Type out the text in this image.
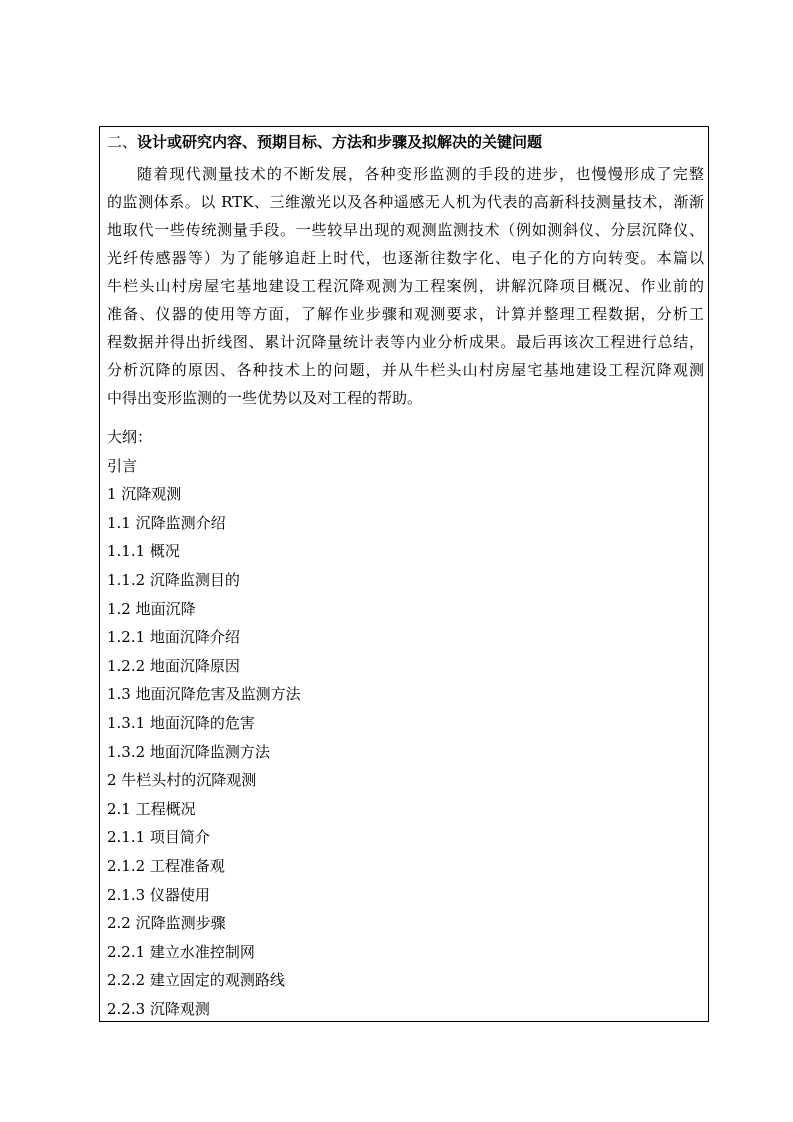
二、设计或研究内容、预期目标、方法和步骤及拟解决的关键问题
随着现代测量技术的不断发展，各种变形监测的手段的进步，也慢慢形成了完整
的监测体系。以 RTK、三维激光以及各种遥感无人机为代表的高新科技测量技术，渐渐
地取代一些传统测量手段。一些较早出现的观测监测技术（例如测斜仪、分层沉降仪、
光纤传感器等）为了能够追赶上时代，也逐渐往数字化、电子化的方向转变。本篇以
牛栏头山村房屋宅基地建设工程沉降观测为工程案例，讲解沉降项目概况、作业前的
准备、仪器的使用等方面，了解作业步骤和观测要求，计算并整理工程数据，分析工
程数据并得出折线图、累计沉降量统计表等内业分析成果。最后再该次工程进行总结，
分析沉降的原因、各种技术上的问题，并从牛栏头山村房屋宅基地建设工程沉降观测
中得出变形监测的一些优势以及对工程的帮助。
大纲：
引言
1 沉降观测
1.1 沉降监测介绍
1.1.1 概况
1.1.2 沉降监测目的
1.2 地面沉降
1.2.1 地面沉降介绍
1.2.2 地面沉降原因
1.3 地面沉降危害及监测方法
1.3.1 地面沉降的危害
1.3.2 地面沉降监测方法
2 牛栏头村的沉降观测
2.1 工程概况
2.1.1 项目简介
2.1.2 工程准备观
2.1.3 仪器使用
2.2 沉降监测步骤
2.2.1 建立水准控制网
2.2.2 建立固定的观测路线
2.2.3 沉降观测
